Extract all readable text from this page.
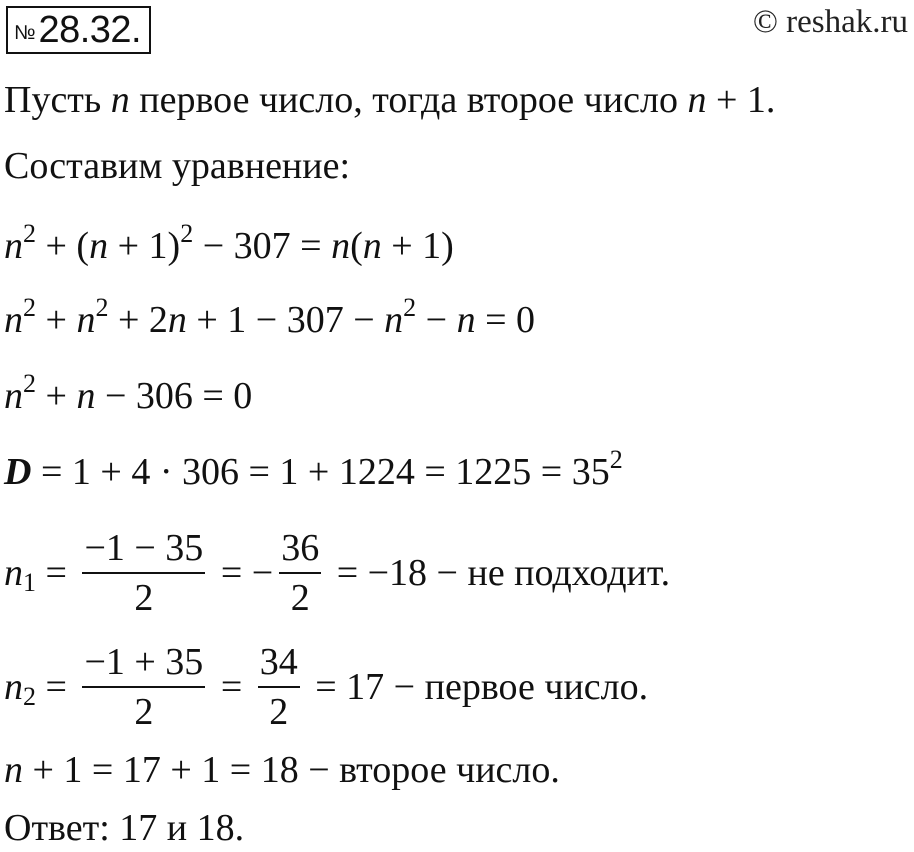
№ 28.32.	© reshak.ru
Пусть n первое число, тогда второе число n + 1.
Составим уравнение:
$n^2 + (n + 1)^2 - 307 = n(n + 1)$
$n^2 + n^2 + 2n + 1 - 307 - n^2 - n = 0$
$n^2 + n - 306 = 0$
$D = 1 + 4 \cdot 306 = 1 + 1224 = 1225 = 35^2$
$n_1 = \frac{-1 - 35}{2}$ = − $\frac{36}{2} = -18$ − не подходит.
$n_2 = \frac{-1 + 35}{2} = \frac{34}{2} = 17$ − первое число.
n + 1 = 17 + 1 = 18 − второе число.
Ответ: 17 и 18.
